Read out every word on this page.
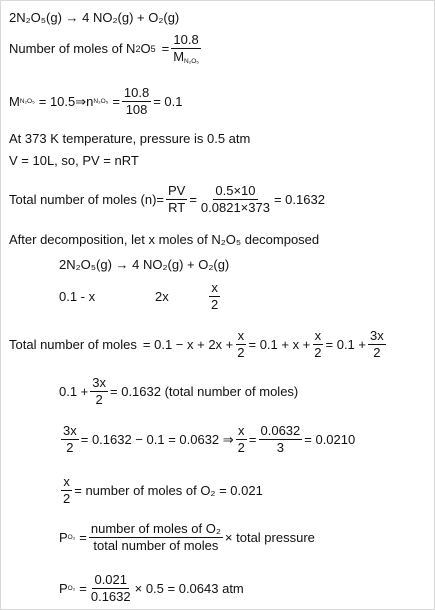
2N₂O₅(g) → 4 NO₂(g) + O₂(g)
Number of moles of N 2 O $5 = \frac{10.8}{M_{N_2O_5}}$
M N₂O₅ = 10.5 ⇒ n $N_2O_5 = \frac{10.8}{108} = 0.1$
At 373 K temperature, pressure is 0.5 atm
V = 10L, so, PV = nRT
Total number of moles $(n)= \frac{PV}{RT} = \frac{0.5\times 10}{0.0821\times 373} = 0.1632$
After decomposition, let x moles of N₂O₅ decomposed
2N₂O₅(g) → 4 NO₂(g) + O₂(g)
0.1 - x	2x	$\frac{x}{2}$
Total number of moles = $0.1 - x + 2x + \frac{x}{2} = 0.1 + x + \frac{x}{2} = 0.1 + \frac{3x}{2}$
$0.1 + \frac{3x}{2} = 0.1632$ (total number of moles)
$\frac{3x}{2} = 0.1632 - 0.1 = 0.0632$ ⇒ $\frac{x}{2} = \frac{0.0632}{3} = 0.0210$
$\frac{x}{2}$ = number of moles of O₂ = 0.021
P $O_2 = \frac{\text{number of moles of O₂}}{\text{total number of moles}}$ × total pressure
P $O_2 = \frac{0.021}{0.1632} \times 0.5 = 0.0643$ atm
